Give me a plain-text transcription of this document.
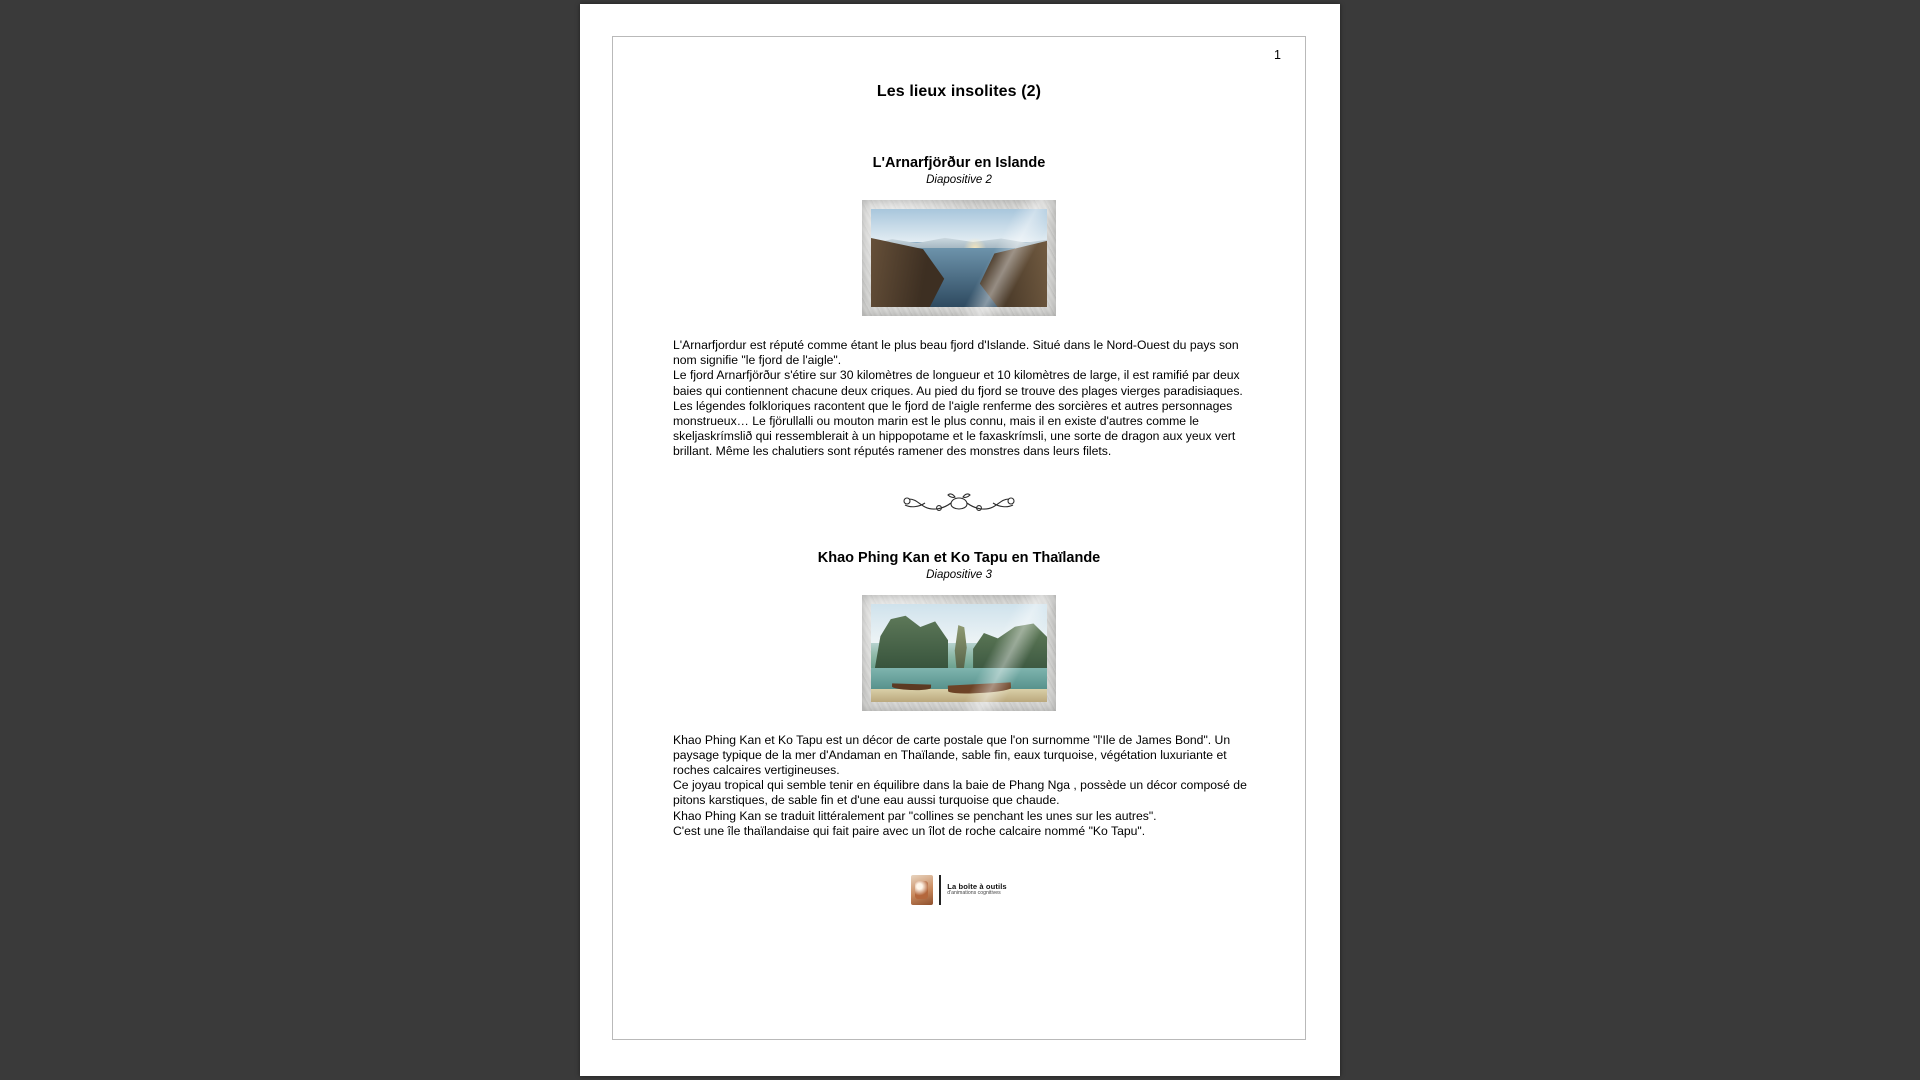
1
Les lieux insolites (2)
L'Arnarfjörður en Islande
Diapositive 2

L'Arnarfjordur est réputé comme étant le plus beau fjord d'Islande. Situé dans le Nord-Ouest du pays son nom signifie "le fjord de l'aigle".

Le fjord Arnarfjörður s'étire sur 30 kilomètres de longueur et 10 kilomètres de large, il est ramifié par deux baies qui contiennent chacune deux criques. Au pied du fjord se trouve des plages vierges paradisiaques.

Les légendes folkloriques racontent que le fjord de l'aigle renferme des sorcières et autres personnages monstrueux… Le fjörullalli ou mouton marin est le plus connu, mais il en existe d'autres comme le skeljaskrímslið qui ressemblerait à un hippopotame et le faxaskrímsli, une sorte de dragon aux yeux vert brillant. Même les chalutiers sont réputés ramener des monstres dans leurs filets.

Khao Phing Kan et Ko Tapu en Thaïlande
Diapositive 3

Khao Phing Kan et Ko Tapu est un décor de carte postale que l'on surnomme "l'Ile de James Bond". Un paysage typique de la mer d'Andaman en Thaïlande, sable fin, eaux turquoise, végétation luxuriante et roches calcaires vertigineuses.

Ce joyau tropical qui semble tenir en équilibre dans la baie de Phang Nga , possède un décor composé de pitons karstiques, de sable fin et d'une eau aussi turquoise que chaude.

Khao Phing Kan se traduit littéralement par "collines se penchant les unes sur les autres".

C'est une île thaïlandaise qui fait paire avec un îlot de roche calcaire nommé "Ko Tapu".

La boîte à outils
d'animations cognitives
